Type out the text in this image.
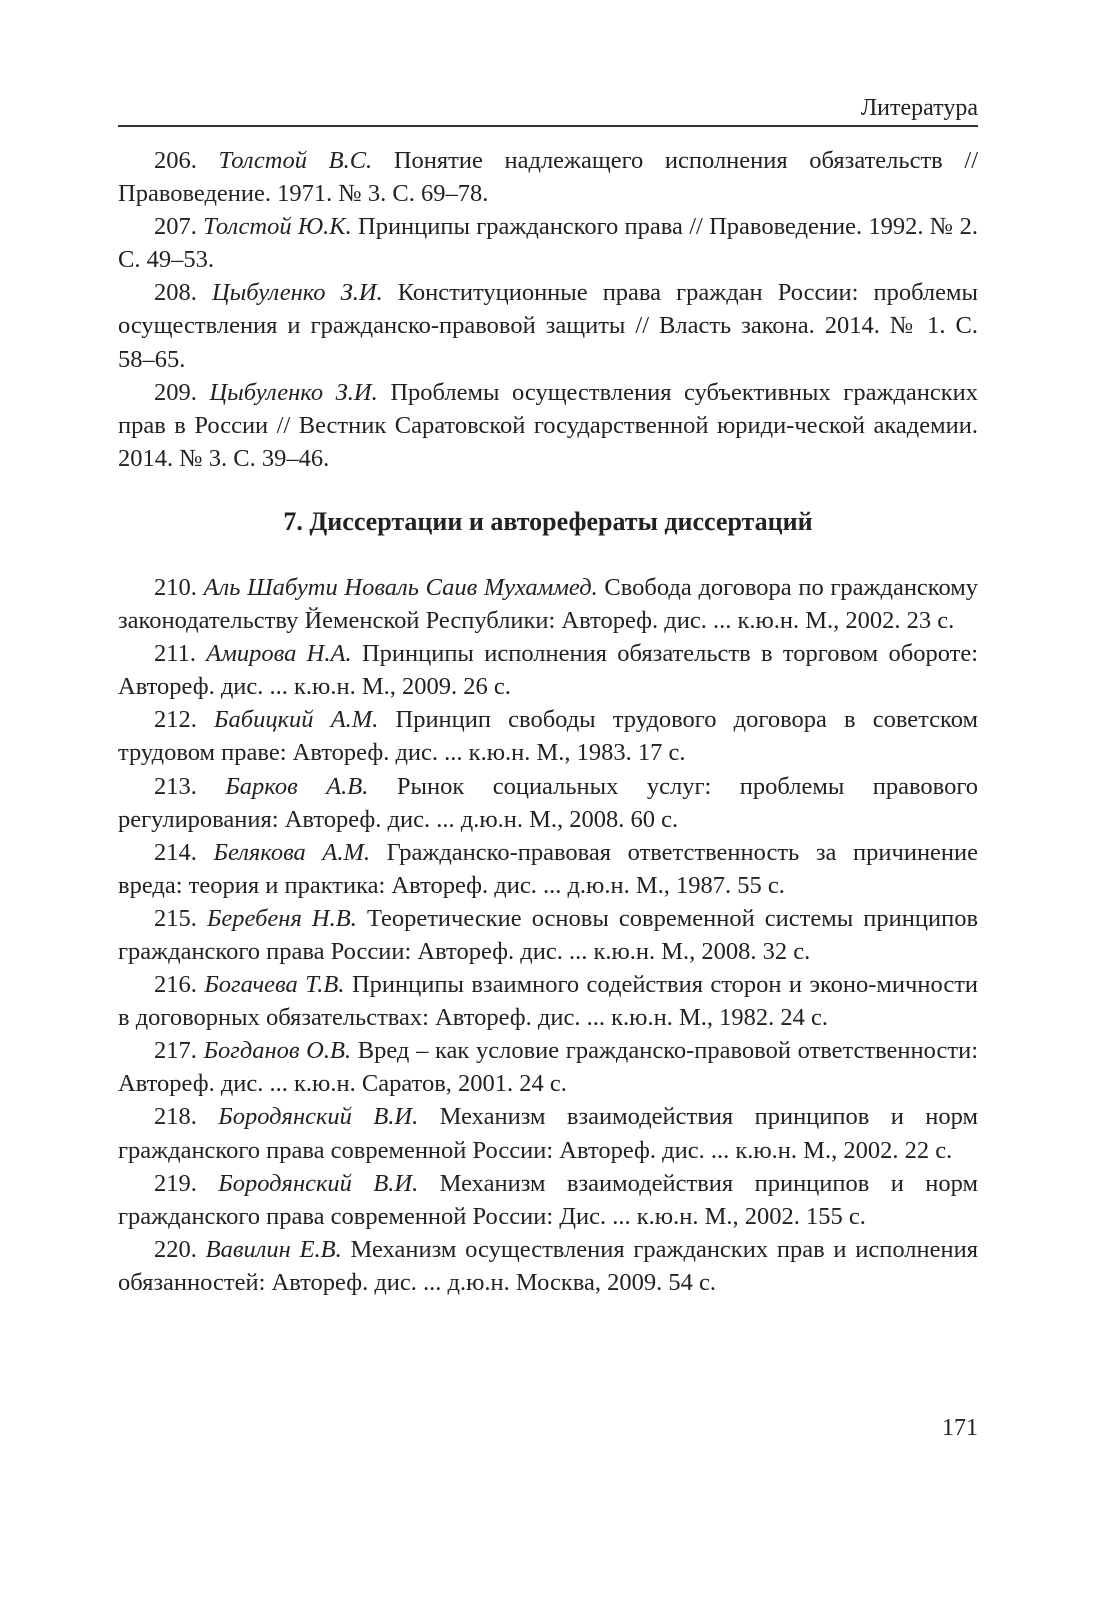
Литература

206. Толстой В.С. Понятие надлежащего исполнения обязательств // Правоведение. 1971. № 3. С. 69–78.

207. Толстой Ю.К. Принципы гражданского права // Правоведение. 1992. № 2. С. 49–53.

208. Цыбуленко З.И. Конституционные права граждан России: проблемы осуществления и гражданско-правовой защиты // Власть закона. 2014. № 1. С. 58–65.

209. Цыбуленко З.И. Проблемы осуществления субъективных гражданских прав в России // Вестник Саратовской государственной юриди-ческой академии. 2014. № 3. С. 39–46.

7. Диссертации и авторефераты диссертаций

210. Аль Шабути Новаль Саив Мухаммед. Свобода договора по гражданскому законодательству Йеменской Республики: Автореф. дис. ... к.ю.н. М., 2002. 23 с.

211. Амирова Н.А. Принципы исполнения обязательств в торговом обороте: Автореф. дис. ... к.ю.н. М., 2009. 26 с.

212. Бабицкий А.М. Принцип свободы трудового договора в советском трудовом праве: Автореф. дис. ... к.ю.н. М., 1983. 17 с.

213. Барков А.В. Рынок социальных услуг: проблемы правового регулирования: Автореф. дис. ... д.ю.н. М., 2008. 60 с.

214. Белякова А.М. Гражданско-правовая ответственность за причинение вреда: теория и практика: Автореф. дис. ... д.ю.н. М., 1987. 55 с.

215. Беребеня Н.В. Теоретические основы современной системы принципов гражданского права России: Автореф. дис. ... к.ю.н. М., 2008. 32 с.

216. Богачева Т.В. Принципы взаимного содействия сторон и эконо-мичности в договорных обязательствах: Автореф. дис. ... к.ю.н. М., 1982. 24 с.

217. Богданов О.В. Вред – как условие гражданско-правовой ответственности: Автореф. дис. ... к.ю.н. Саратов, 2001. 24 с.

218. Бородянский В.И. Механизм взаимодействия принципов и норм гражданского права современной России: Автореф. дис. ... к.ю.н. М., 2002. 22 с.

219. Бородянский В.И. Механизм взаимодействия принципов и норм гражданского права современной России: Дис. ... к.ю.н. М., 2002. 155 с.

220. Вавилин Е.В. Механизм осуществления гражданских прав и исполнения обязанностей: Автореф. дис. ... д.ю.н. Москва, 2009. 54 с.

171
